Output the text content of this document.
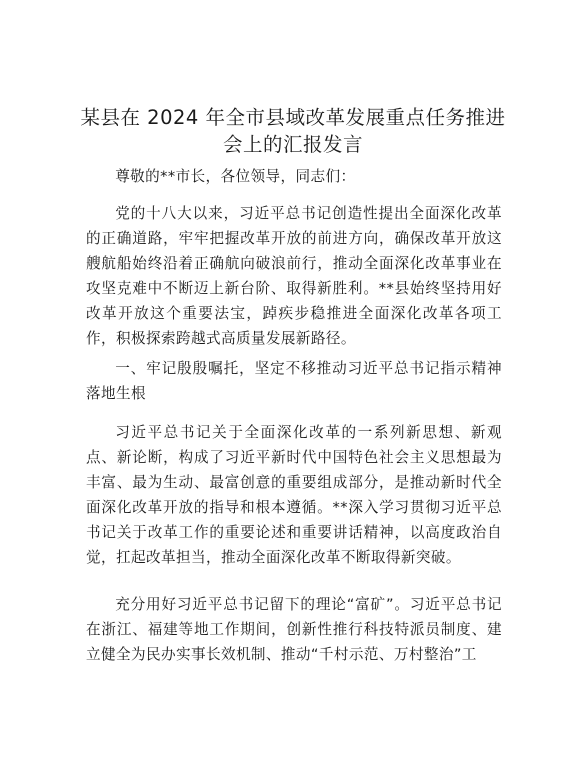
某县在 2024 年全市县域改革发展重点任务推进会上的汇报发言

尊敬的**市长，各位领导，同志们：

党的十八大以来，习近平总书记创造性提出全面深化改革的正确道路，牢牢把握改革开放的前进方向，确保改革开放这艘航船始终沿着正确航向破浪前行，推动全面深化改革事业在攻坚克难中不断迈上新台阶、取得新胜利。**县始终坚持用好改革开放这个重要法宝，踔疾步稳推进全面深化改革各项工作，积极探索跨越式高质量发展新路径。

一、牢记殷殷嘱托，坚定不移推动习近平总书记指示精神落地生根

习近平总书记关于全面深化改革的一系列新思想、新观点、新论断，构成了习近平新时代中国特色社会主义思想最为丰富、最为生动、最富创意的重要组成部分，是推动新时代全面深化改革开放的指导和根本遵循。**深入学习贯彻习近平总书记关于改革工作的重要论述和重要讲话精神，以高度政治自觉，扛起改革担当，推动全面深化改革不断取得新突破。

充分用好习近平总书记留下的理论“富矿”。习近平总书记在浙江、福建等地工作期间，创新性推行科技特派员制度、建立健全为民办实事长效机制、推动“千村示范、万村整治”工
